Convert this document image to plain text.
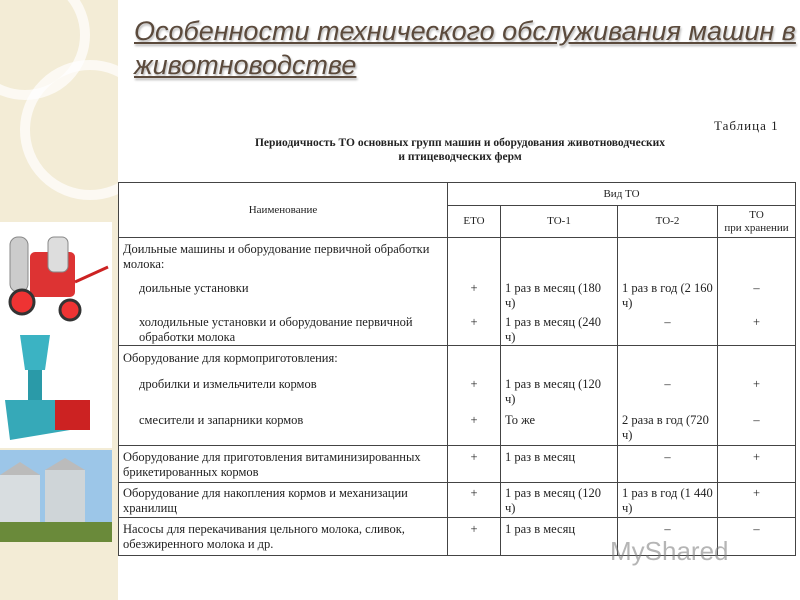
Особенности технического обслуживания машин в животноводстве
Таблица 1
Периодичность ТО основных групп машин и оборудования животноводческих
и птицеводческих ферм
Наименование	Вид ТО			
	ЕТО	ТО-1	ТО-2	ТО
при хранении

Доильные машины и оборудование первичной обработки молока:				
доильные установки	+	1 раз в месяц (180 ч)	1 раз в год (2 160 ч)	–
холодильные установки и оборудование первичной обработки молока	+	1 раз в месяц (240 ч)	–	+
Оборудование для кормоприготовления:				
дробилки и измельчители кормов	+	1 раз в месяц (120 ч)	–	+
смесители и запарники кормов	+	То же	2 раза в год (720 ч)	–
Оборудование для приготовления витаминизированных брикетированных кормов	+	1 раз в месяц	–	+
Оборудование для накопления кормов и механизации хранилищ	+	1 раз в месяц (120 ч)	1 раз в год (1 440 ч)	+
Насосы для перекачивания цельного молока, сливок, обезжиренного молока и др.	+	1 раз в месяц	–	–
MyShared
